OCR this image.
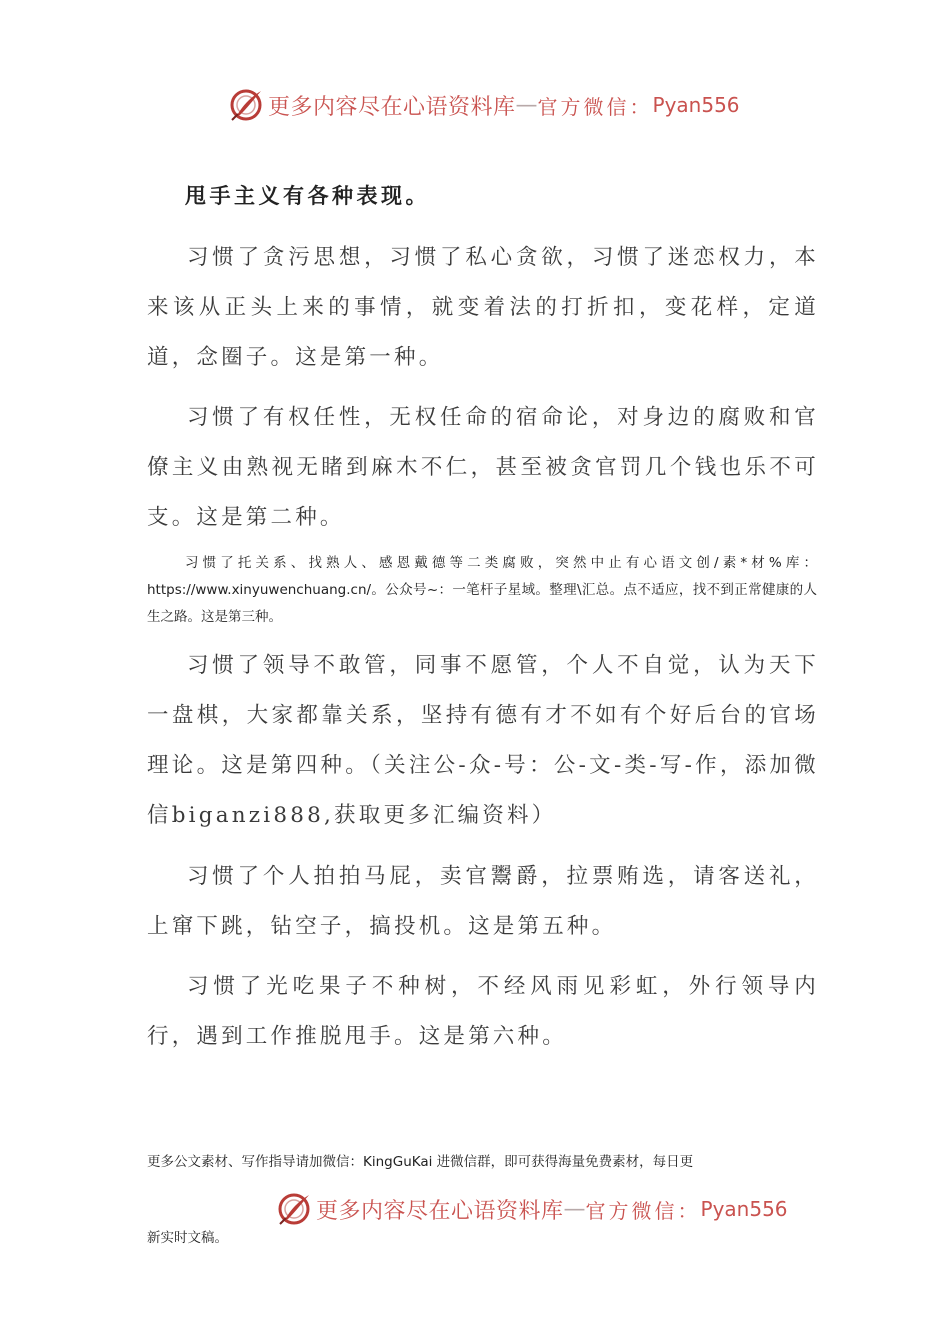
更多内容尽在心语资料库 — 官方微信： Pyan556
甩手主义有各种表现。

习惯了贪污思想，习惯了私心贪欲，习惯了迷恋权力，本来该从正头上来的事情，就变着法的打折扣，变花样，定道道，念圈子。这是第一种。

习惯了有权任性，无权任命的宿命论，对身边的腐败和官僚主义由熟视无睹到麻木不仁，甚至被贪官罚几个钱也乐不可支。这是第二种。

习惯了托关系、找熟人、感恩戴德等二类腐败，突然中止有心语文创/素*材%库：https://www.xinyuwenchuang.cn/。公众号~：一笔杆子星域。整理\汇总。点不适应，找不到正常健康的人生之路。这是第三种。

习惯了领导不敢管，同事不愿管，个人不自觉，认为天下一盘棋，大家都靠关系，坚持有德有才不如有个好后台的官场理论。这是第四种。（关注公-众-号：公-文-类-写-作，添加微信biganzi888,获取更多汇编资料）

习惯了个人拍拍马屁，卖官鬻爵，拉票贿选，请客送礼，上窜下跳，钻空子，搞投机。这是第五种。

习惯了光吃果子不种树，不经风雨见彩虹，外行领导内行，遇到工作推脱甩手。这是第六种。

更多公文素材、写作指导请加微信：KingGuKai 进微信群，即可获得海量免费素材，每日更

更多内容尽在心语资料库 — 官方微信： Pyan556

新实时文稿。
